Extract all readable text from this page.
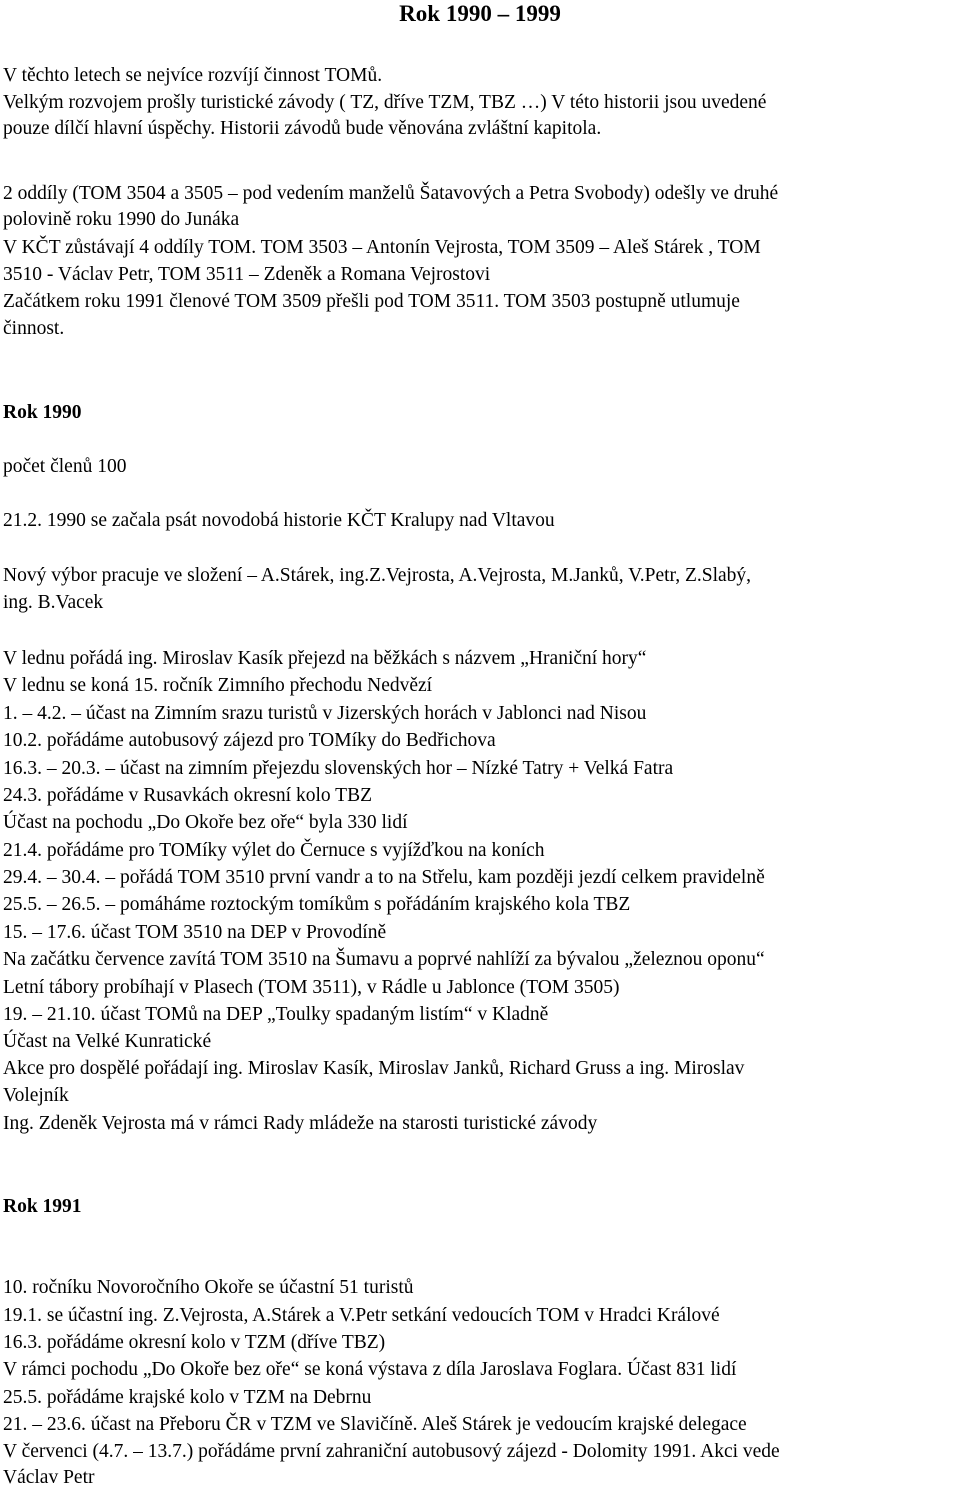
Rok 1990 – 1999
V těchto letech se nejvíce rozvíjí činnost TOMů.
Velkým rozvojem prošly turistické závody ( TZ, dříve TZM, TBZ …) V této historii jsou uvedené
pouze dílčí hlavní úspěchy. Historii závodů bude věnována zvláštní kapitola.
2 oddíly (TOM 3504 a 3505 – pod vedením manželů Šatavových a Petra Svobody) odešly ve druhé
polovině roku 1990 do Junáka
V KČT zůstávají 4 oddíly TOM. TOM 3503 – Antonín Vejrosta, TOM 3509 – Aleš Stárek , TOM
3510 - Václav Petr, TOM 3511 – Zdeněk a Romana Vejrostovi
Začátkem roku 1991 členové TOM 3509 přešli pod TOM 3511. TOM 3503 postupně utlumuje
činnost.
Rok 1990
počet členů 100
21.2. 1990 se začala psát novodobá historie KČT Kralupy nad Vltavou
Nový výbor pracuje ve složení – A.Stárek, ing.Z.Vejrosta, A.Vejrosta, M.Janků, V.Petr, Z.Slabý,
ing. B.Vacek
V lednu pořádá ing. Miroslav Kasík přejezd na běžkách s názvem „Hraniční hory“
V lednu se koná 15. ročník Zimního přechodu Nedvězí
1. – 4.2. – účast na Zimním srazu turistů v Jizerských horách v Jablonci nad Nisou
10.2. pořádáme autobusový zájezd pro TOMíky do Bedřichova
16.3. – 20.3. – účast na zimním přejezdu slovenských hor – Nízké Tatry + Velká Fatra
24.3. pořádáme v Rusavkách okresní kolo TBZ
Účast na pochodu „Do Okoře bez oře“ byla 330 lidí
21.4. pořádáme pro TOMíky výlet do Černuce s vyjížďkou na koních
29.4. – 30.4. – pořádá TOM 3510 první vandr a to na Střelu, kam později jezdí celkem pravidelně
25.5. – 26.5. – pomáháme roztockým tomíkům s pořádáním krajského kola TBZ
15. – 17.6. účast TOM 3510 na DEP v Provodíně
Na začátku července zavítá TOM 3510 na Šumavu a poprvé nahlíží za bývalou „železnou oponu“
Letní tábory probíhají v Plasech (TOM 3511), v Rádle u Jablonce (TOM 3505)
19. – 21.10. účast TOMů na DEP „Toulky spadaným listím“ v Kladně
Účast na Velké Kunratické
Akce pro dospělé pořádají ing. Miroslav Kasík, Miroslav Janků, Richard Gruss a ing. Miroslav
Volejník
Ing. Zdeněk Vejrosta má v rámci Rady mládeže na starosti turistické závody
Rok 1991
10. ročníku Novoročního Okoře se účastní 51 turistů
19.1. se účastní ing. Z.Vejrosta, A.Stárek a V.Petr setkání vedoucích TOM v Hradci Králové
16.3. pořádáme okresní kolo v TZM (dříve TBZ)
V rámci pochodu „Do Okoře bez oře“ se koná výstava z díla Jaroslava Foglara. Účast 831 lidí
25.5. pořádáme krajské kolo v TZM na Debrnu
21. – 23.6. účast na Přeboru ČR v TZM ve Slavičíně. Aleš Stárek je vedoucím krajské delegace
V červenci (4.7. – 13.7.) pořádáme první zahraniční autobusový zájezd - Dolomity 1991. Akci vede
Václav Petr
